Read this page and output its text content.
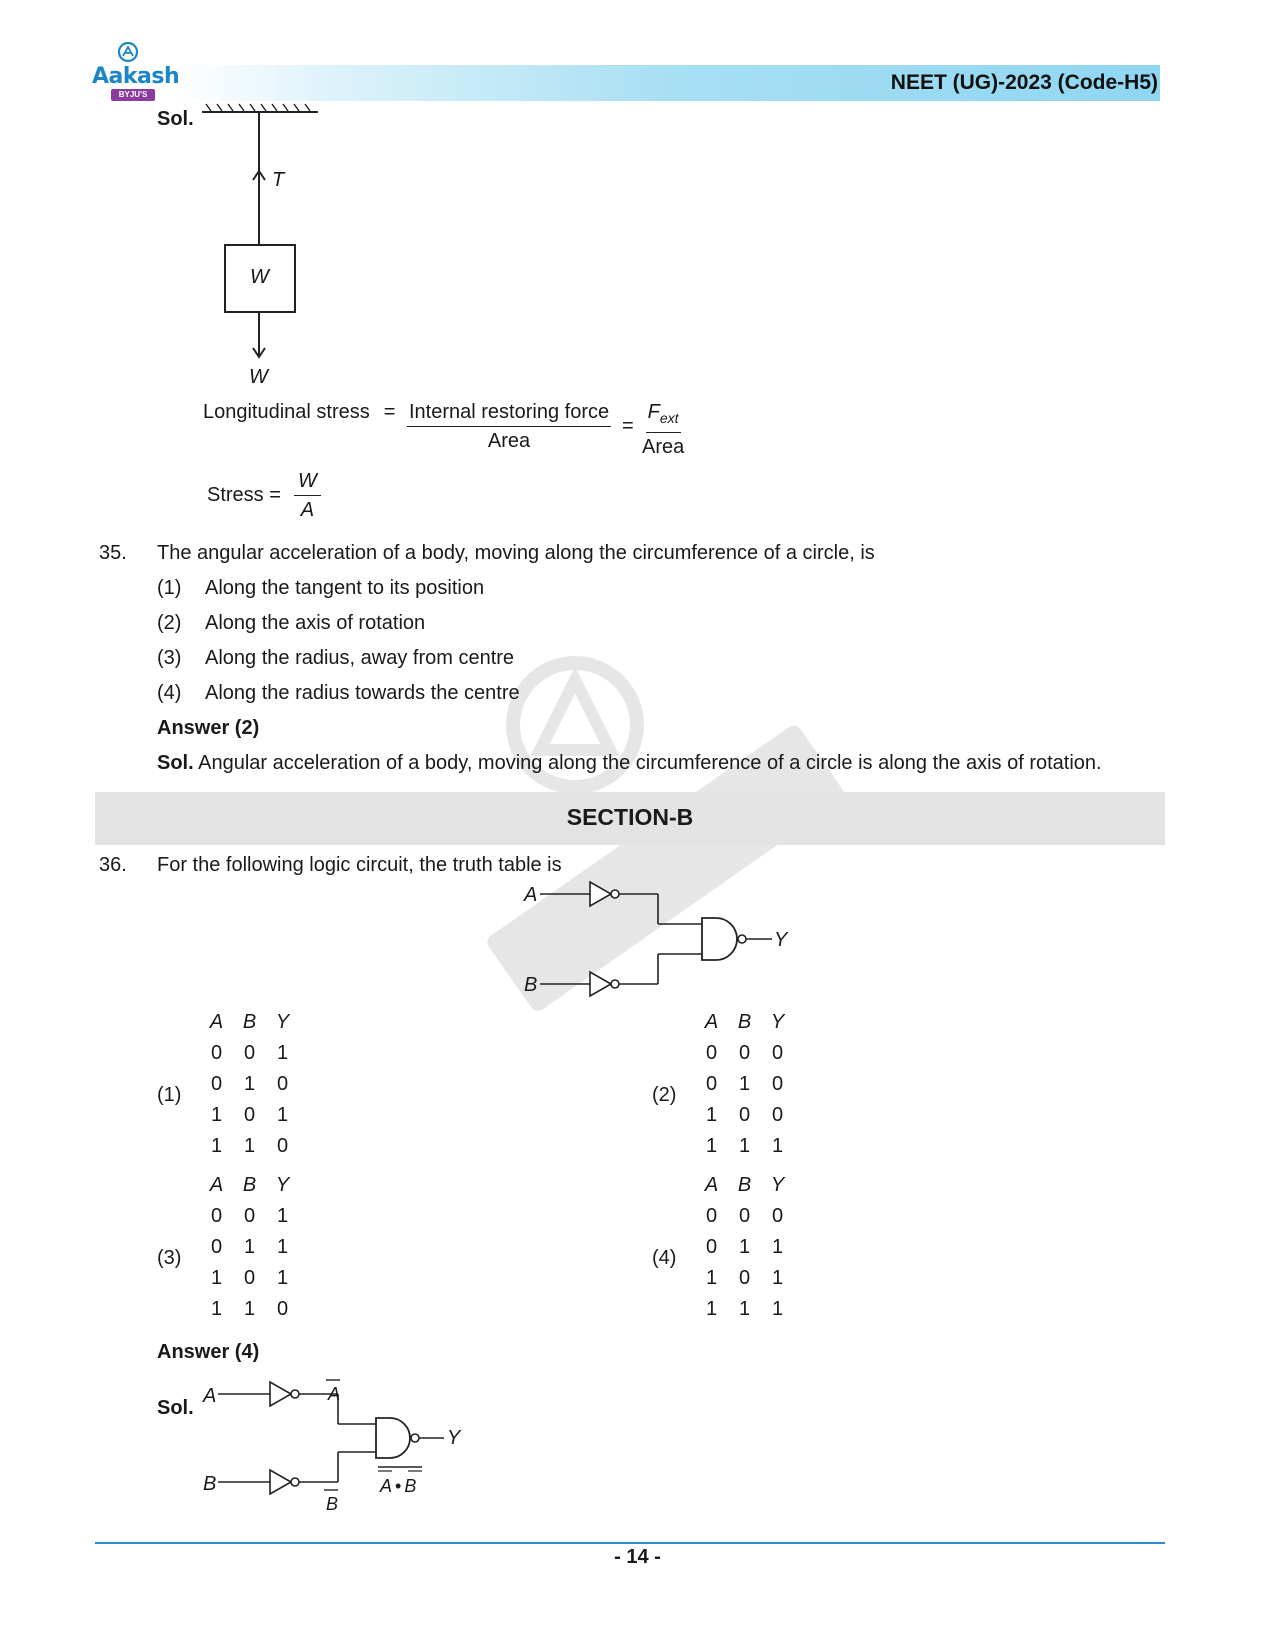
Aakash
BYJU'S
NEET (UG)-2023 (Code-H5)
Sol.
T
W
W
Longitudinal stress = Internal restoring force
Area
=
$F_{ext}$
Area
Stress = $\frac{W}{A}$
35. The angular acceleration of a body, moving along the circumference of a circle, is
(1) Along the tangent to its position
(2) Along the axis of rotation
(3) Along the radius, away from centre
(4) Along the radius towards the centre
Answer (2)
Sol. Angular acceleration of a body, moving along the circumference of a circle is along the axis of rotation.
SECTION-B
36. For the following logic circuit, the truth table is
A
B
Y
(1)
A	B	Y
0	0	1
0	1	0
1	0	1
1	1	0
(2)
A	B	Y
0	0	0
0	1	0
1	0	0
1	1	1
(3)
A	B	Y
0	0	1
0	1	1
1	0	1
1	1	0
(4)
A	B	Y
0	0	0
0	1	1
1	0	1
1	1	1
Answer (4)
Sol.
A
B
Y
A
B
A • B
- 14 -
